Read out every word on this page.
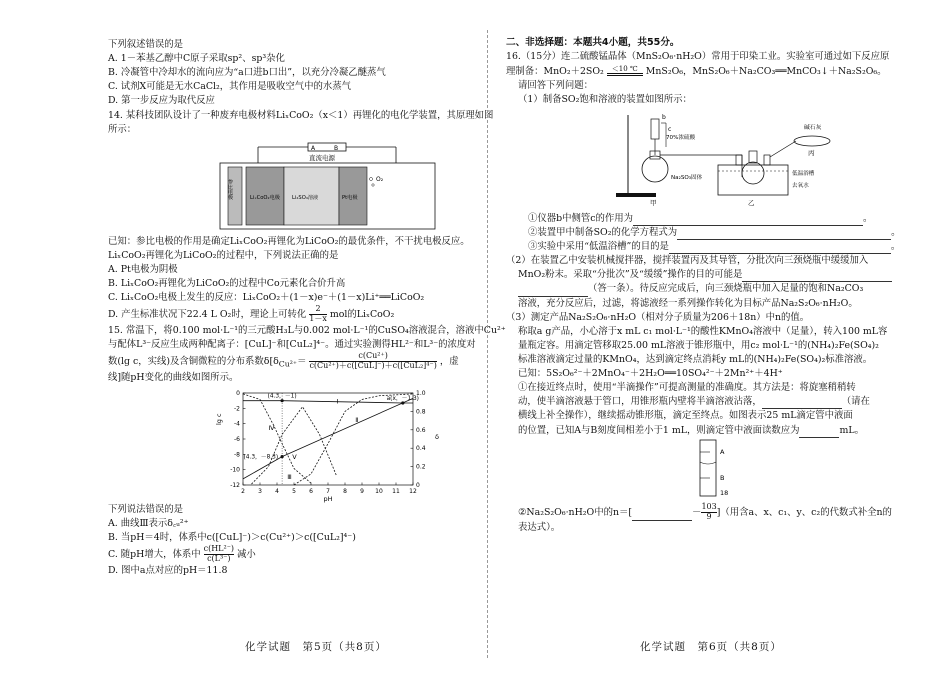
下列叙述错误的是

A. 1－苯基乙醇中C原子采取sp²、sp³杂化

B. 冷凝管中冷却水的流向应为“a口进b口出”，以充分冷凝乙醚蒸气

C. 试剂X可能是无水CaCl₂，其作用是吸收空气中的水蒸气

D. 第一步反应为取代反应

14. 某科技团队设计了一种废弃电极材料LiₓCoO₂（x＜1）再锂化的电化学装置，其原理如图

所示：

A	B
直流电源
参比电极	LiₓCoO₂电极 Li₂SO₄溶液	Pt电极
O₂

已知：参比电极的作用是确定LiₓCoO₂再锂化为LiCoO₂的最优条件，不干扰电极反应。

LiₓCoO₂再锂化为LiCoO₂的过程中，下列说法正确的是

A. Pt电极为阴极

B. LiₓCoO₂再锂化为LiCoO₂的过程中Co元素化合价升高

C. LiₓCoO₂电极上发生的反应：LiₓCoO₂＋(1－x)e⁻＋(1－x)Li⁺══LiCoO₂

D. 产生标准状况下22.4 L O₂时，理论上可转化 $\frac{2}{1-x}$ mol的LiₓCoO₂

15. 常温下，将0.100 mol·L⁻¹的三元酸H₃L与0.002 mol·L⁻¹的CuSO₄溶液混合，溶液中Cu²⁺

与配体L³⁻反应生成两种配离子：[CuL]⁻和[CuL₂]⁴⁻。通过实验测得HL²⁻和L³⁻的浓度对

数(lg c，实线)及含铜微粒的分布系数$\delta[\delta_{Cu^{2+}}= \frac{\text{c(Cu²⁺)}}{\text{c(Cu²⁺)＋c([CuL]⁻)＋c([CuL₂]⁴⁻)}}$ ，虚

线]随pH变化的曲线如图所示。

2 3 4 5 6 7 8 9 10 11 12
0
-2
-4
-6
-8
-10
-12
1.0
0.8
0.6
0.4
0.2
0
pH
lg c
δ
(4.3，－1)
(4.3，－8.3)
a(x，－1.3)
Ⅰ
Ⅱ
Ⅲ
Ⅳ
Ⅴ

下列说法错误的是

A. 曲线Ⅲ表示δ꜀ᵤ²⁺

B. 当pH＝4时，体系中c([CuL]⁻)＞c(Cu²⁺)＞c([CuL₂]⁴⁻)

C. 随pH增大，体系中 $\frac{\text{c(HL²⁻)}}{\text{c(L³⁻)}}$ 减小

D. 图中a点对应的pH＝11.8

二、非选择题：本题共4小题，共55分。

16.（15分）连二硫酸锰晶体（MnS₂O₆·nH₂O）常用于印染工业。实验室可通过如下反应原

理制备：MnO₂＋2SO₂	＜10 ℃ MnS₂O₆，MnS₂O₆＋Na₂CO₃══MnCO₃↓＋Na₂S₂O₆。

请回答下列问题：

（1）制备SO₂饱和溶液的装置如图所示：

b
c
70%浓硫酸
Na₂SO₃固体
低温浴槽
去氧水
碱石灰
丙
甲	乙

①仪器b中侧管c的作用为	。

②装置甲中制备SO₂的化学方程式为	。

③实验中采用“低温浴槽”的目的是	。

（2）在装置乙中安装机械搅拌器，搅拌装置丙及其导管，分批次向三颈烧瓶中缓缓加入

MnO₂粉末。采取“分批次”及“缓缓”操作的目的可能是

（答一条）。待反应完成后，向三颈烧瓶中加入足量的饱和Na₂CO₃

溶液，充分反应后，过滤，将滤液经一系列操作转化为目标产品Na₂S₂O₆·nH₂O。

（3）测定产品Na₂S₂O₆·nH₂O（相对分子质量为206＋18n）中n的值。

称取a g产品，小心溶于x mL c₁ mol·L⁻¹的酸性KMnO₄溶液中（足量），转入100 mL容

量瓶定容。用滴定管移取25.00 mL溶液于锥形瓶中，用c₂ mol·L⁻¹的(NH₄)₂Fe(SO₄)₂

标准溶液滴定过量的KMnO₄，达到滴定终点消耗y mL的(NH₄)₂Fe(SO₄)₂标准溶液。

已知：5S₂O₆²⁻＋2MnO₄⁻＋2H₂O══10SO₄²⁻＋2Mn²⁺＋4H⁺

①在接近终点时，使用“半滴操作”可提高测量的准确度。其方法是：将旋塞稍稍转

动，使半滴溶液悬于管口，用锥形瓶内壁将半滴溶液沾落，	（请在

横线上补全操作），继续摇动锥形瓶，滴定至终点。如图表示25 mL滴定管中液面

的位置，已知A与B刻度间相差小于1 mL，则滴定管中液面读数应为	mL。

A
B
18

②Na₂S₂O₆·nH₂O中的n＝[	－ $\frac{103}{9}$ ]（用含a、x、c₁、y、c₂的代数式补全n的

表达式）。

化学试题　第5页（共8页）	化学试题　第6页（共8页）
